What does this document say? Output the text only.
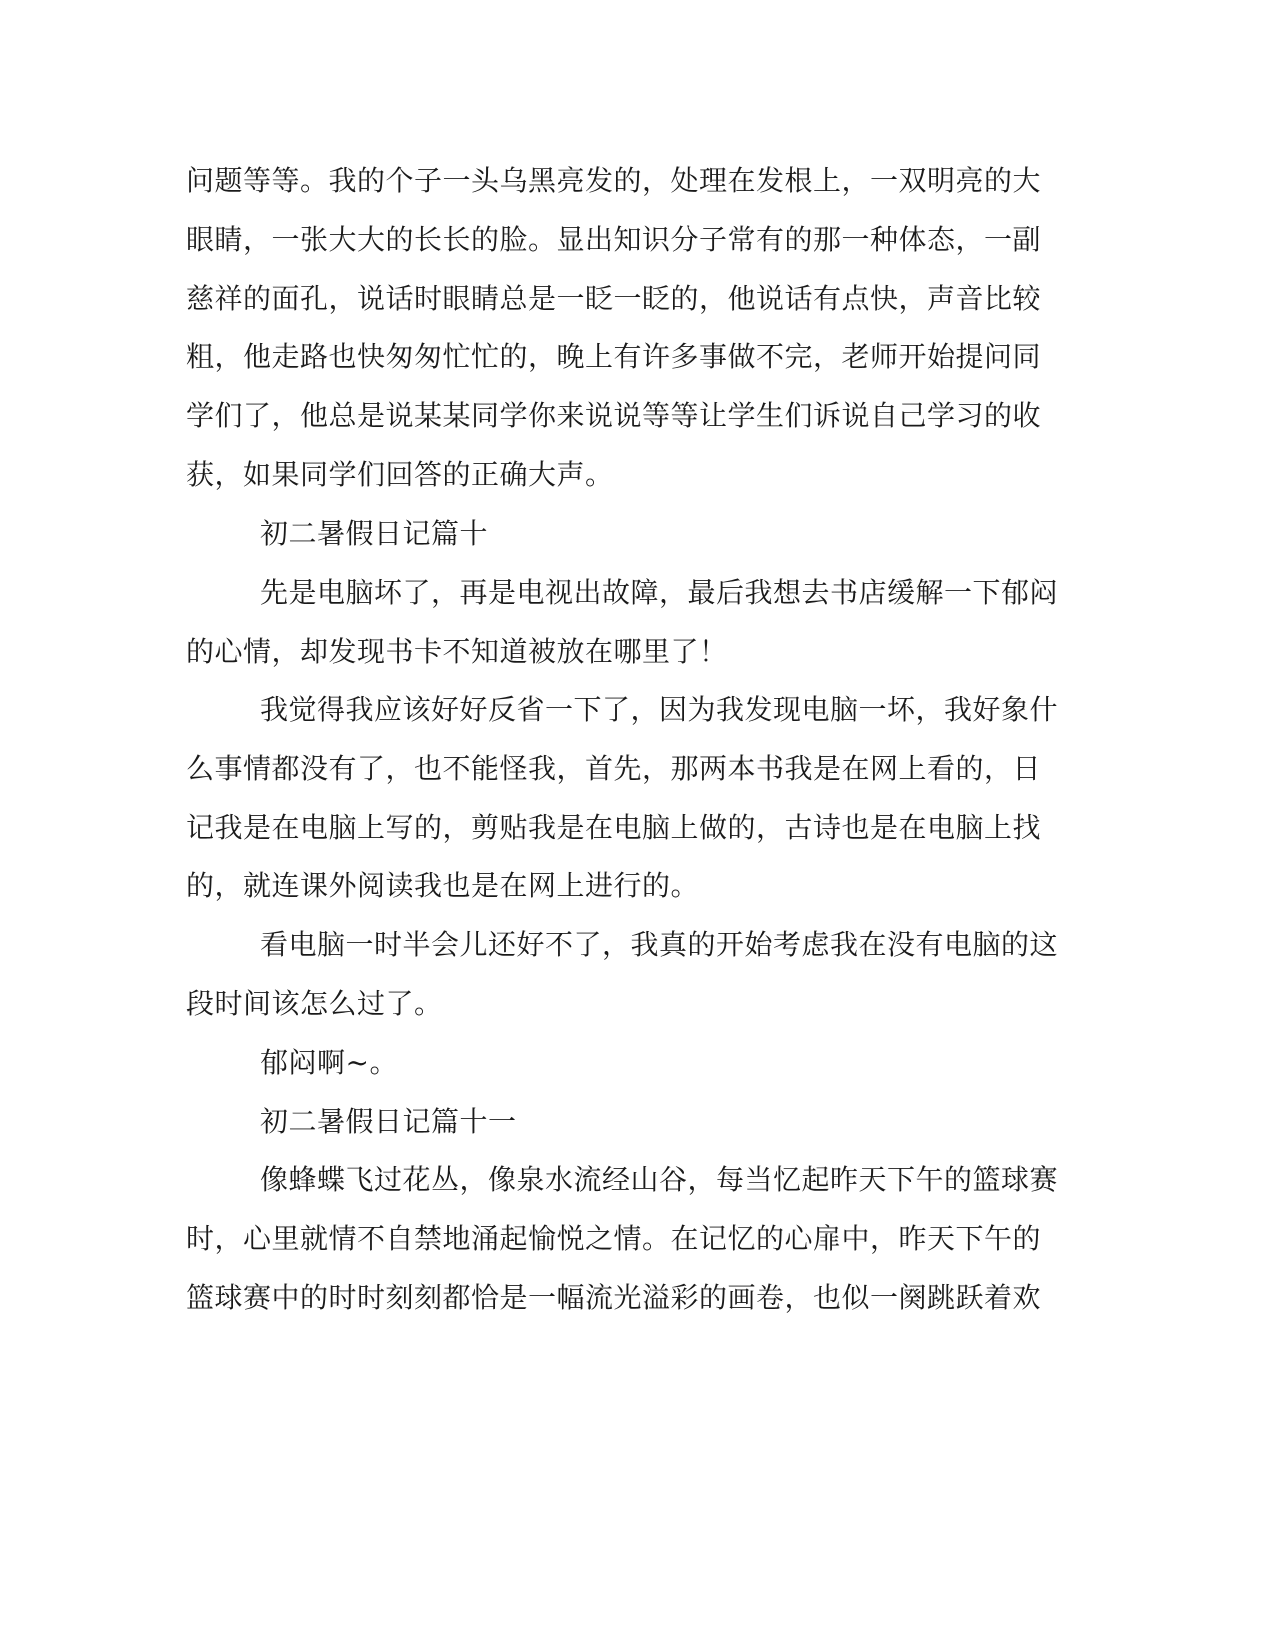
问题等等。我的个子一头乌黑亮发的，处理在发根上，一双明亮的大
眼睛，一张大大的长长的脸。显出知识分子常有的那一种体态，一副
慈祥的面孔，说话时眼睛总是一眨一眨的，他说话有点快，声音比较
粗，他走路也快匆匆忙忙的，晚上有许多事做不完，老师开始提问同
学们了，他总是说某某同学你来说说等等让学生们诉说自己学习的收
获，如果同学们回答的正确大声。
初二暑假日记篇十
先是电脑坏了，再是电视出故障，最后我想去书店缓解一下郁闷
的心情，却发现书卡不知道被放在哪里了！
我觉得我应该好好反省一下了，因为我发现电脑一坏，我好象什
么事情都没有了，也不能怪我，首先，那两本书我是在网上看的，日
记我是在电脑上写的，剪贴我是在电脑上做的，古诗也是在电脑上找
的，就连课外阅读我也是在网上进行的。
看电脑一时半会儿还好不了，我真的开始考虑我在没有电脑的这
段时间该怎么过了。
郁闷啊~。
初二暑假日记篇十一
像蜂蝶飞过花丛，像泉水流经山谷，每当忆起昨天下午的篮球赛
时，心里就情不自禁地涌起愉悦之情。在记忆的心扉中，昨天下午的
篮球赛中的时时刻刻都恰是一幅流光溢彩的画卷，也似一阕跳跃着欢
